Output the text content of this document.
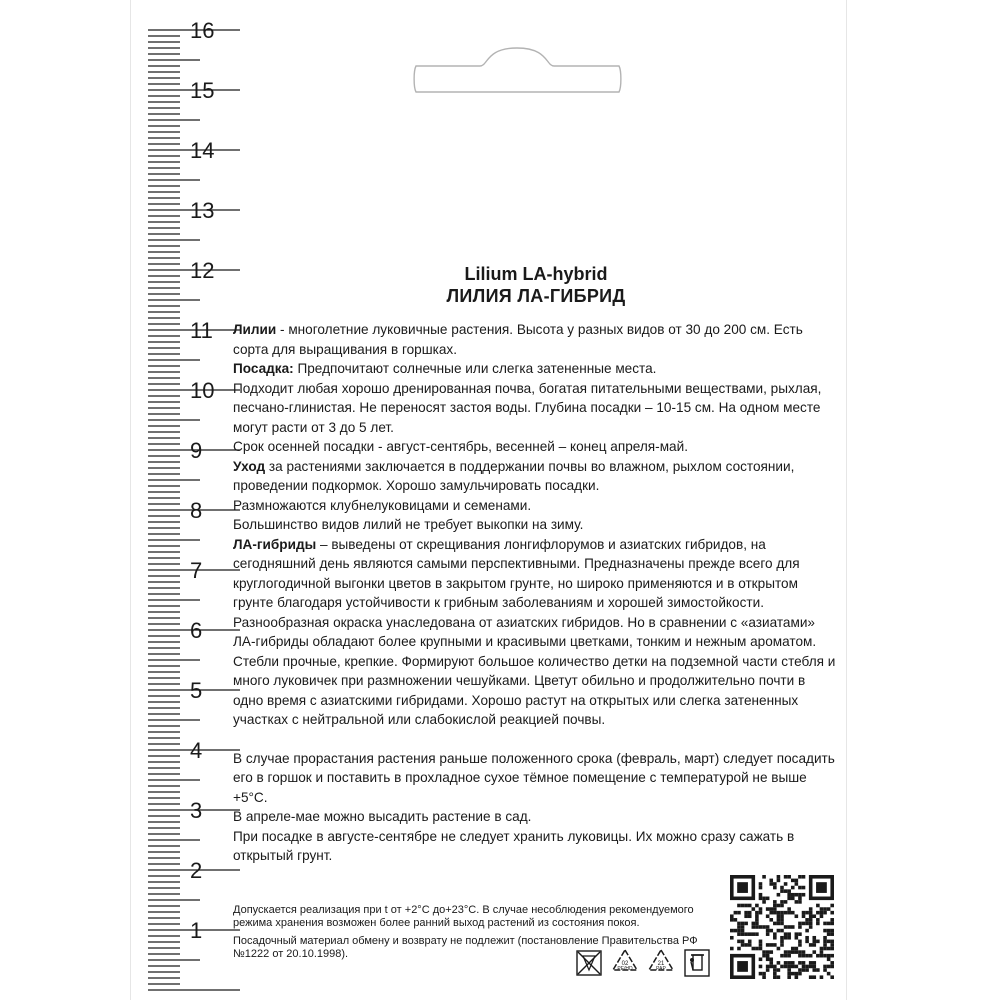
16
15
14
13
12
11
10
9
8
7
6
5
4
3
2
1
Lilium LA-hybrid
ЛИЛИЯ ЛА-ГИБРИД

Лилии - многолетние луковичные растения. Высота у разных видов от 30 до 200 см. Есть сорта для выращивания в горшках.

Посадка: Предпочитают солнечные или слегка затененные места.

Подходит любая хорошо дренированная почва, богатая питательными веществами, рыхлая, песчано-глинистая. Не переносят застоя воды. Глубина посадки – 10-15 см. На одном месте могут расти от 3 до 5 лет.

Срок осенней посадки - август-сентябрь, весенней – конец апреля-май.

Уход за растениями заключается в поддержании почвы во влажном, рыхлом состоянии, проведении подкормок. Хорошо замульчировать посадки.

Размножаются клубнелуковицами и семенами.

Большинство видов лилий не требует выкопки на зиму.

ЛА-гибриды – выведены от скрещивания лонгифлорумов и азиатских гибридов, на сегодняшний день являются самыми перспективными. Предназначены прежде всего для круглогодичной выгонки цветов в закрытом грунте, но широко применяются и в открытом грунте благодаря устойчивости к грибным заболеваниям и хорошей зимостойкости. Разнообразная окраска унаследована от азиатских гибридов. Но в сравнении с «азиатами» ЛА-гибриды обладают более крупными и красивыми цветками, тонким и нежным ароматом. Стебли прочные, крепкие. Формируют большое количество детки на подземной части стебля и много луковичек при размножении чешуйками. Цветут обильно и продолжительно почти в одно время с азиатскими гибридами. Хорошо растут на открытых или слегка затененных участках с нейтральной или слабокислой реакцией почвы.

В случае прорастания растения раньше положенного срока (февраль, март) следует посадить его в горшок и поставить в прохладное сухое тёмное помещение с температурой не выше +5°С.

В апреле-мае можно высадить растение в сад.

При посадке в августе-сентябре не следует хранить луковицы. Их можно сразу сажать в открытый грунт.

Допускается реализация при t от +2°С до+23°С. В случае несоблюдения рекомендуемого режима хранения возможен более ранний выход растений из состояния покоя.

Посадочный материал обмену и возврату не подлежит (постановление Правительства РФ №1222 от 20.10.1998).

02
PE/HD
21
PAP
